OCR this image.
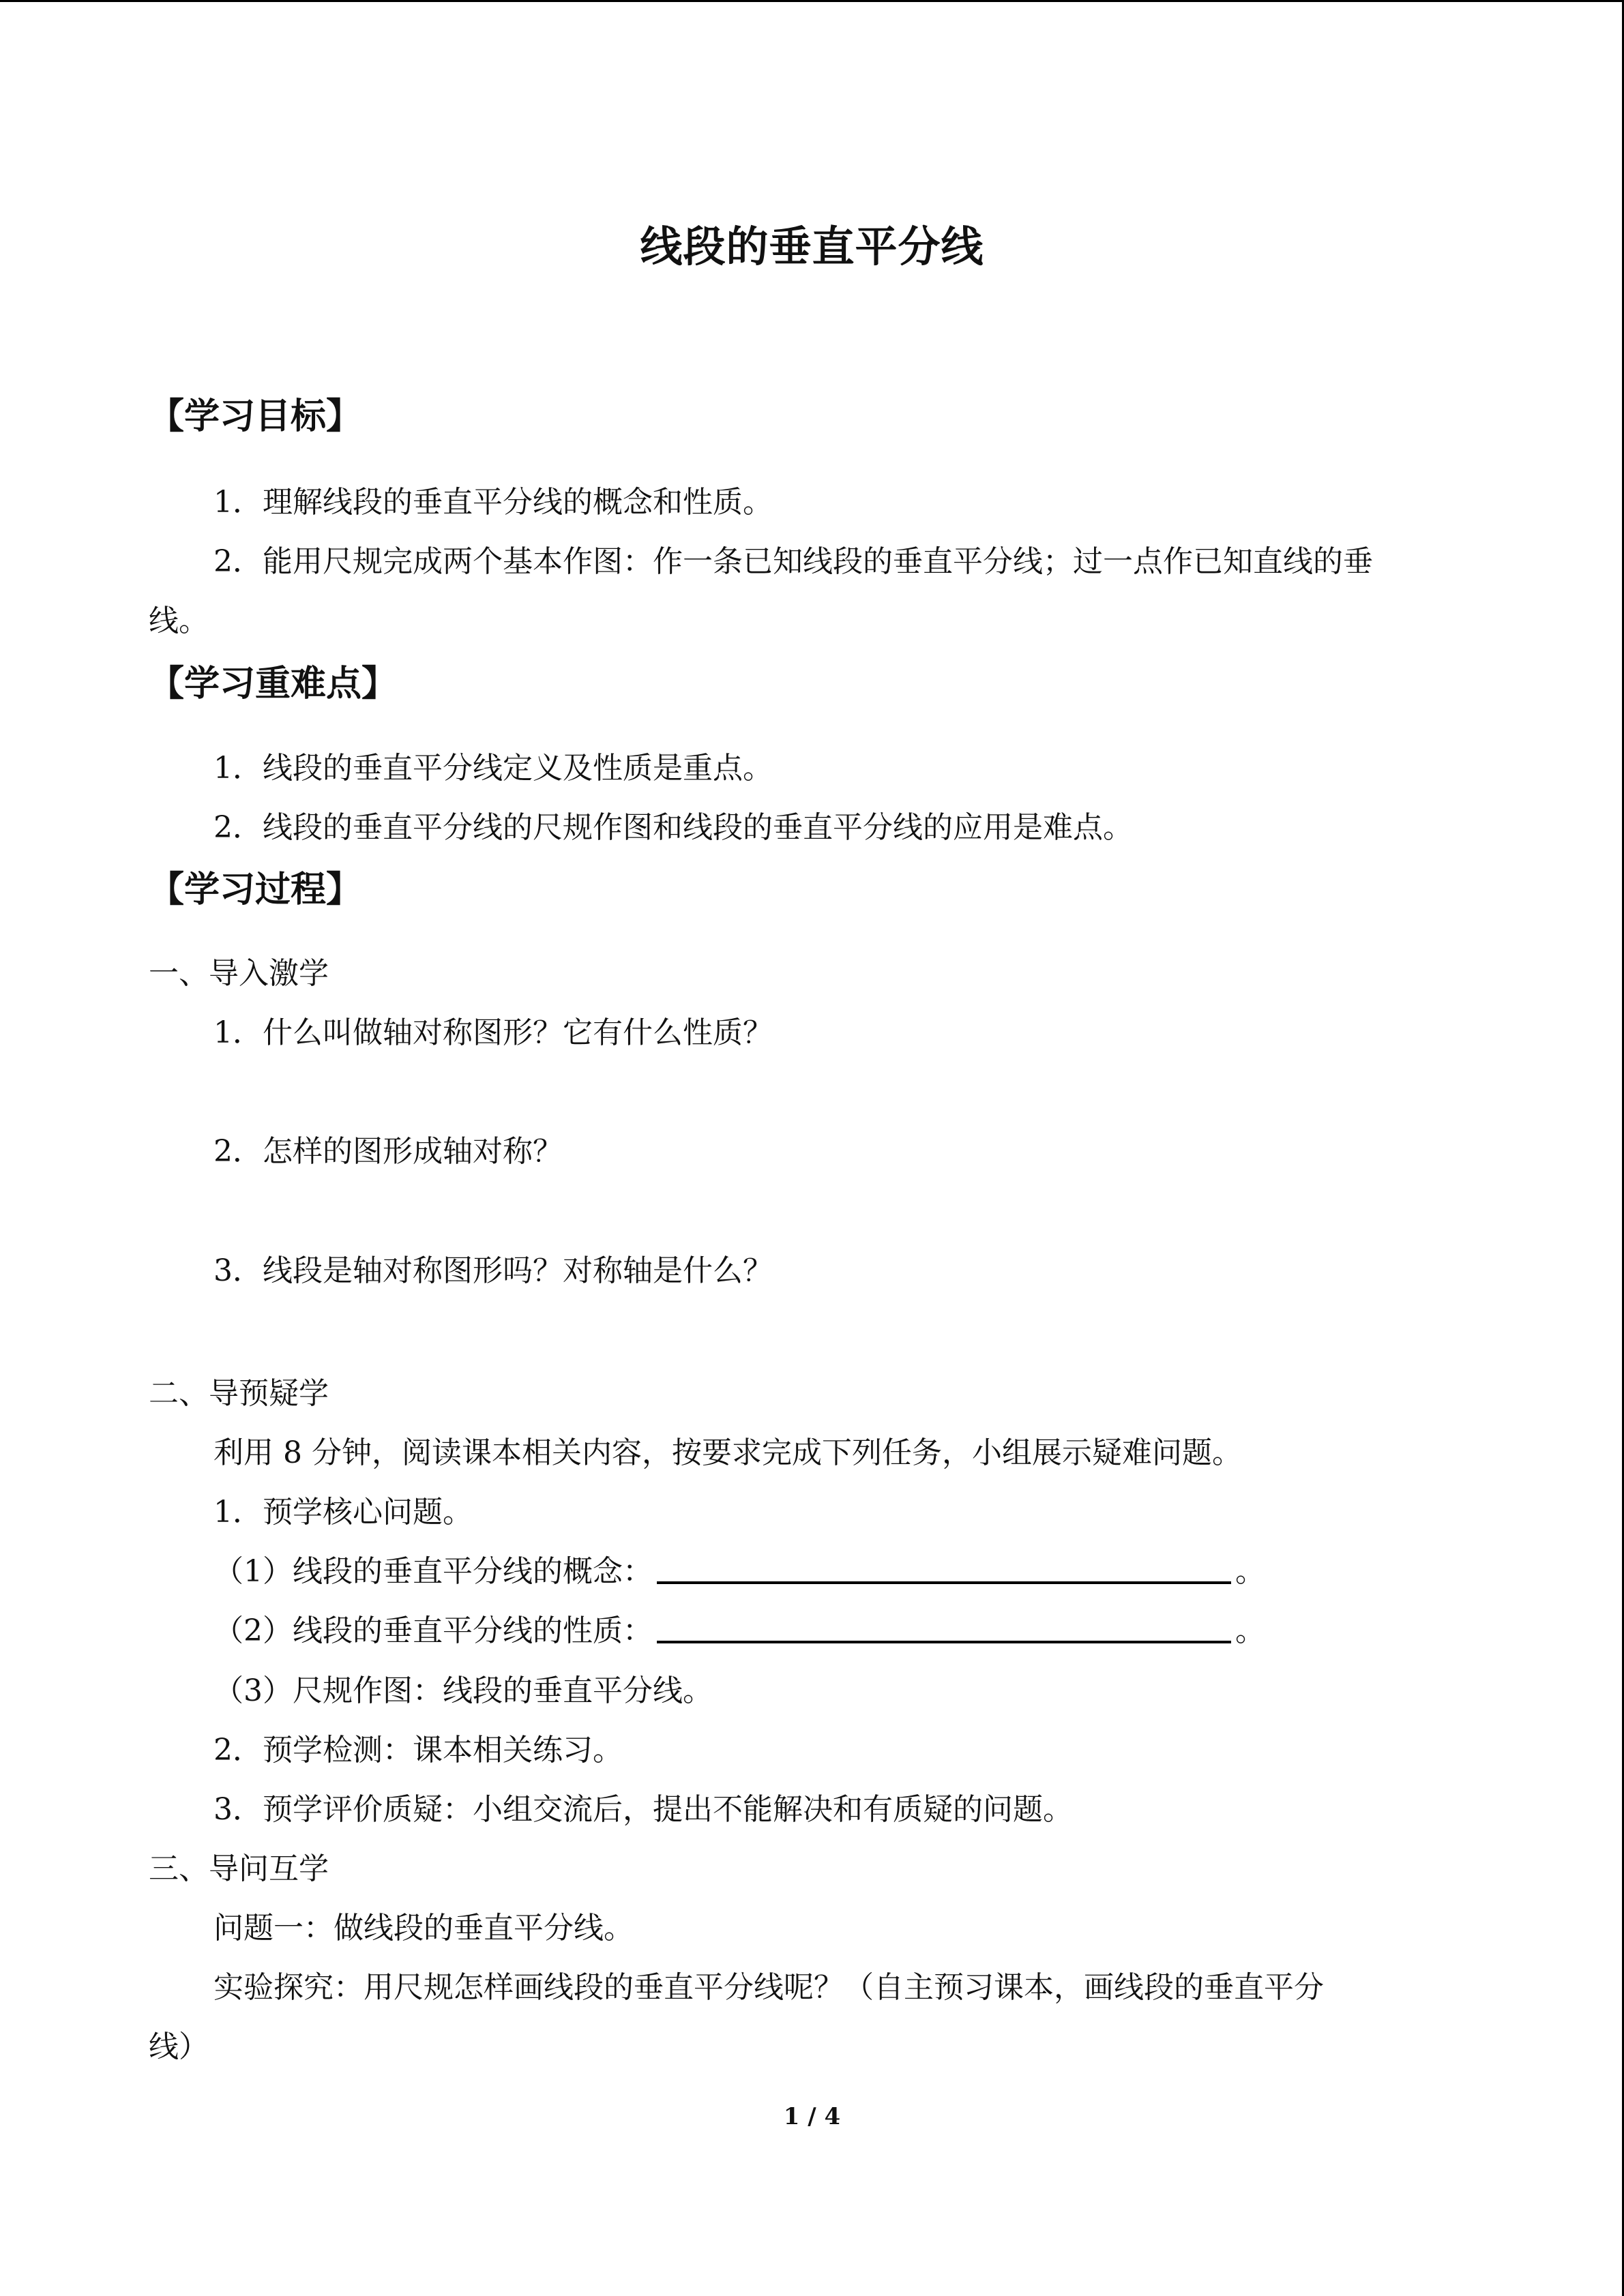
线段的垂直平分线
【学习目标】
1．理解线段的垂直平分线的概念和性质。
2．能用尺规完成两个基本作图：作一条已知线段的垂直平分线；过一点作已知直线的垂
线。
【学习重难点】
1．线段的垂直平分线定义及性质是重点。
2．线段的垂直平分线的尺规作图和线段的垂直平分线的应用是难点。
【学习过程】
一、导入激学
1．什么叫做轴对称图形？它有什么性质？
2．怎样的图形成轴对称？
3．线段是轴对称图形吗？对称轴是什么？
二、导预疑学
利用 8 分钟，阅读课本相关内容，按要求完成下列任务，小组展示疑难问题。
1．预学核心问题。
（1）线段的垂直平分线的概念：	。
（2）线段的垂直平分线的性质：	。
（3）尺规作图：线段的垂直平分线。
2．预学检测：课本相关练习。
3．预学评价质疑：小组交流后，提出不能解决和有质疑的问题。
三、导问互学
问题一：做线段的垂直平分线。
实验探究：用尺规怎样画线段的垂直平分线呢？（自主预习课本，画线段的垂直平分
线）
1 / 4
